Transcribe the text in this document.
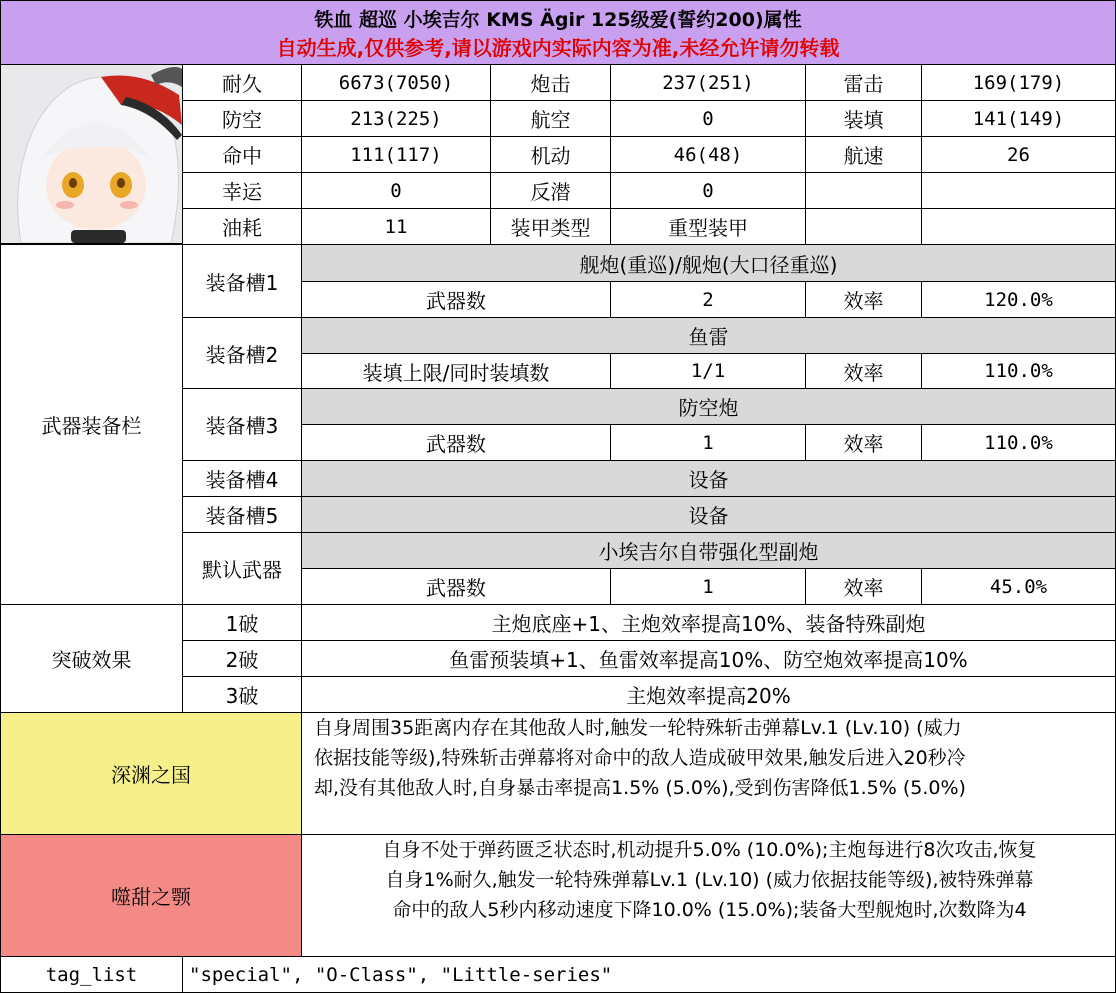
铁血 超巡 小埃吉尔 KMS Ägir 125级爱(誓约200)属性
自动生成,仅供参考,请以游戏内实际内容为准,未经允许请勿转载
耐久	6673(7050)	炮击	237(251)	雷击	169(179)
防空	213(225)	航空	0	装填	141(149)
命中	111(117)	机动	46(48)	航速	26
幸运	0	反潜	0
油耗	11	装甲类型	重型装甲
武器装备栏
装备槽1
舰炮(重巡)/舰炮(大口径重巡)
武器数	2	效率	120.0%
装备槽2
鱼雷
装填上限/同时装填数	1/1	效率	110.0%
装备槽3
防空炮
武器数	1	效率	110.0%
装备槽4	设备
装备槽5	设备
默认武器
小埃吉尔自带强化型副炮
武器数	1	效率	45.0%
突破效果
1破	主炮底座+1、主炮效率提高10%、装备特殊副炮
2破	鱼雷预装填+1、鱼雷效率提高10%、防空炮效率提高10%
3破	主炮效率提高20%
深渊之国
自身周围35距离内存在其他敌人时,触发一轮特殊斩击弹幕Lv.1 (Lv.10) (威力
依据技能等级),特殊斩击弹幕将对命中的敌人造成破甲效果,触发后进入20秒冷
却,没有其他敌人时,自身暴击率提高1.5% (5.0%),受到伤害降低1.5% (5.0%)
噬甜之颚
自身不处于弹药匮乏状态时,机动提升5.0% (10.0%);主炮每进行8次攻击,恢复
自身1%耐久,触发一轮特殊弹幕Lv.1 (Lv.10) (威力依据技能等级),被特殊弹幕
命中的敌人5秒内移动速度下降10.0% (15.0%);装备大型舰炮时,次数降为4
tag_list	"special", "O-Class", "Little-series"
